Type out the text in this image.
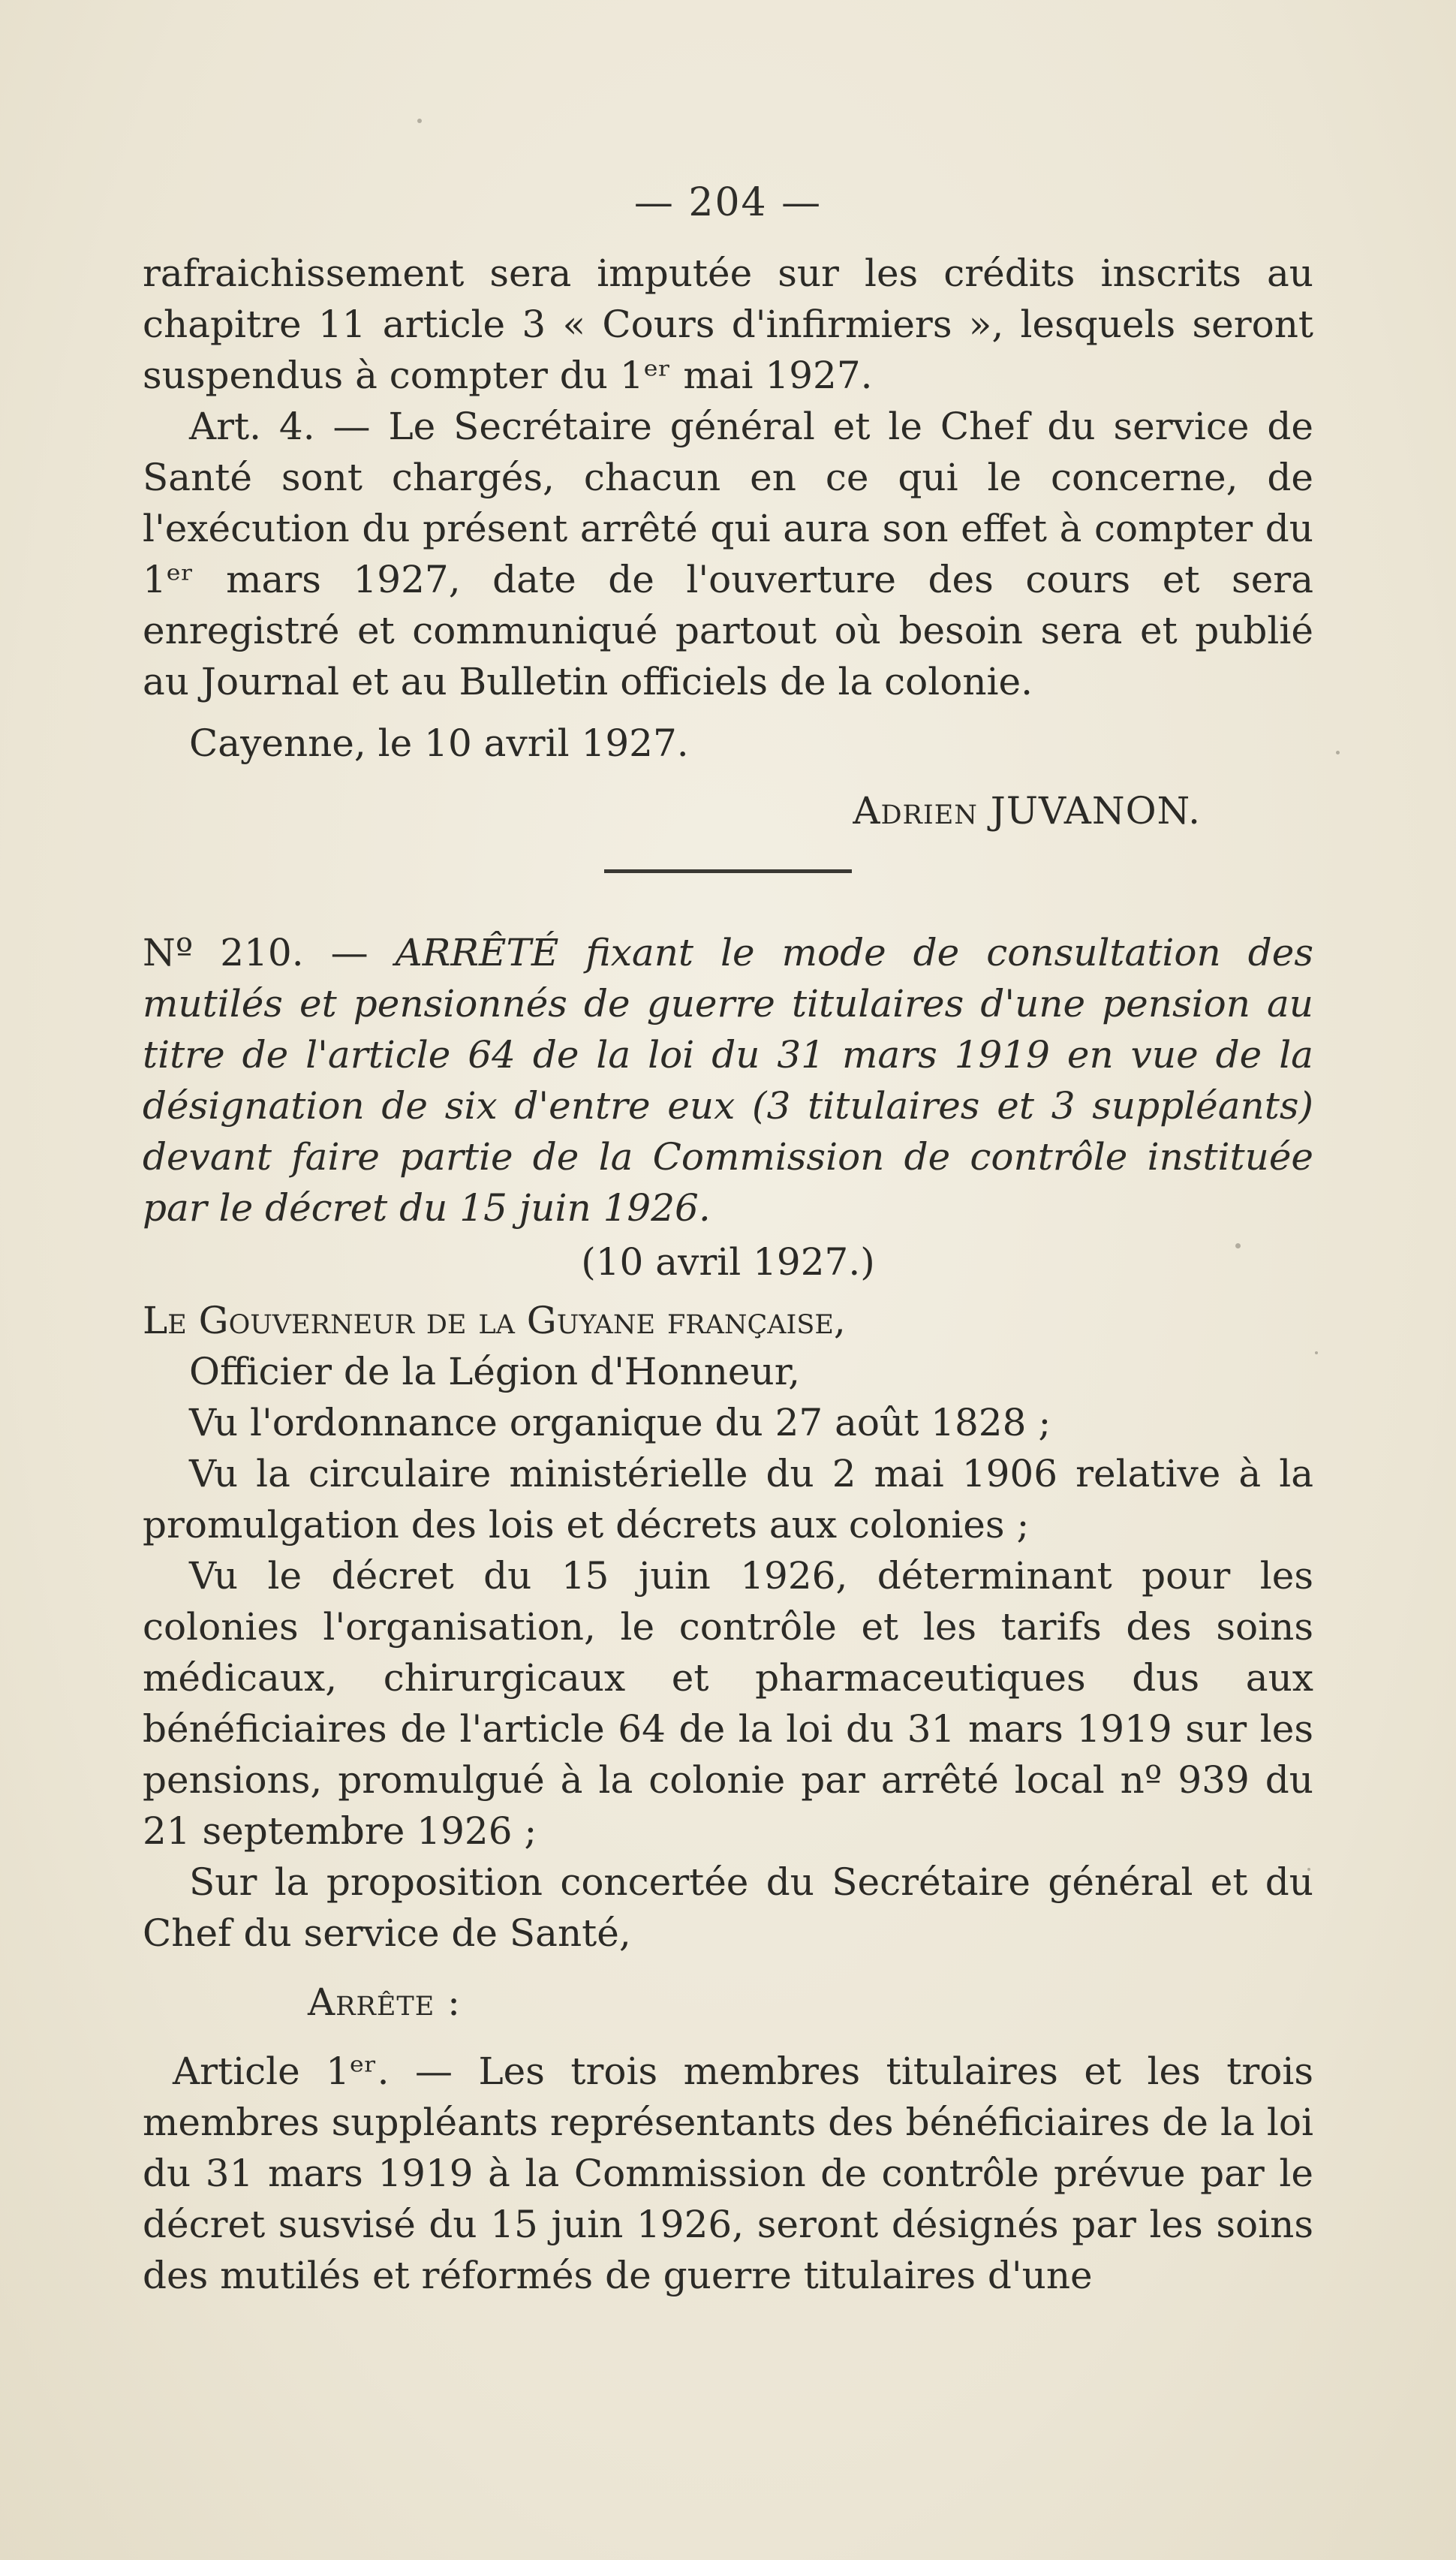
— 204 —

rafraichissement sera imputée sur les crédits inscrits au chapitre 11 article 3 « Cours d'infirmiers », lesquels seront suspendus à compter du 1ᵉʳ mai 1927.

Art. 4. — Le Secrétaire général et le Chef du service de Santé sont chargés, chacun en ce qui le concerne, de l'exécution du présent arrêté qui aura son effet à compter du 1ᵉʳ mars 1927, date de l'ouverture des cours et sera enregistré et communiqué partout où besoin sera et publié au Journal et au Bulletin officiels de la colonie.

Cayenne, le 10 avril 1927.

Adrien JUVANON.

Nº 210. — ARRÊTÉ fixant le mode de consultation des mutilés et pensionnés de guerre titulaires d'une pension au titre de l'article 64 de la loi du 31 mars 1919 en vue de la désignation de six d'entre eux (3 titulaires et 3 suppléants) devant faire partie de la Commission de contrôle instituée par le décret du 15 juin 1926.

(10 avril 1927.)

Le Gouverneur de la Guyane française,

Officier de la Légion d'Honneur,

Vu l'ordonnance organique du 27 août 1828 ;

Vu la circulaire ministérielle du 2 mai 1906 relative à la promulgation des lois et décrets aux colonies ;

Vu le décret du 15 juin 1926, déterminant pour les colonies l'organisation, le contrôle et les tarifs des soins médicaux, chirurgicaux et pharmaceutiques dus aux bénéficiaires de l'article 64 de la loi du 31 mars 1919 sur les pensions, promulgué à la colonie par arrêté local nº 939 du 21 septembre 1926 ;

Sur la proposition concertée du Secrétaire général et du Chef du service de Santé,

Arrête :

Article 1ᵉʳ. — Les trois membres titulaires et les trois membres suppléants représentants des bénéficiaires de la loi du 31 mars 1919 à la Commission de contrôle prévue par le décret susvisé du 15 juin 1926, seront désignés par les soins des mutilés et réformés de guerre titulaires d'une
